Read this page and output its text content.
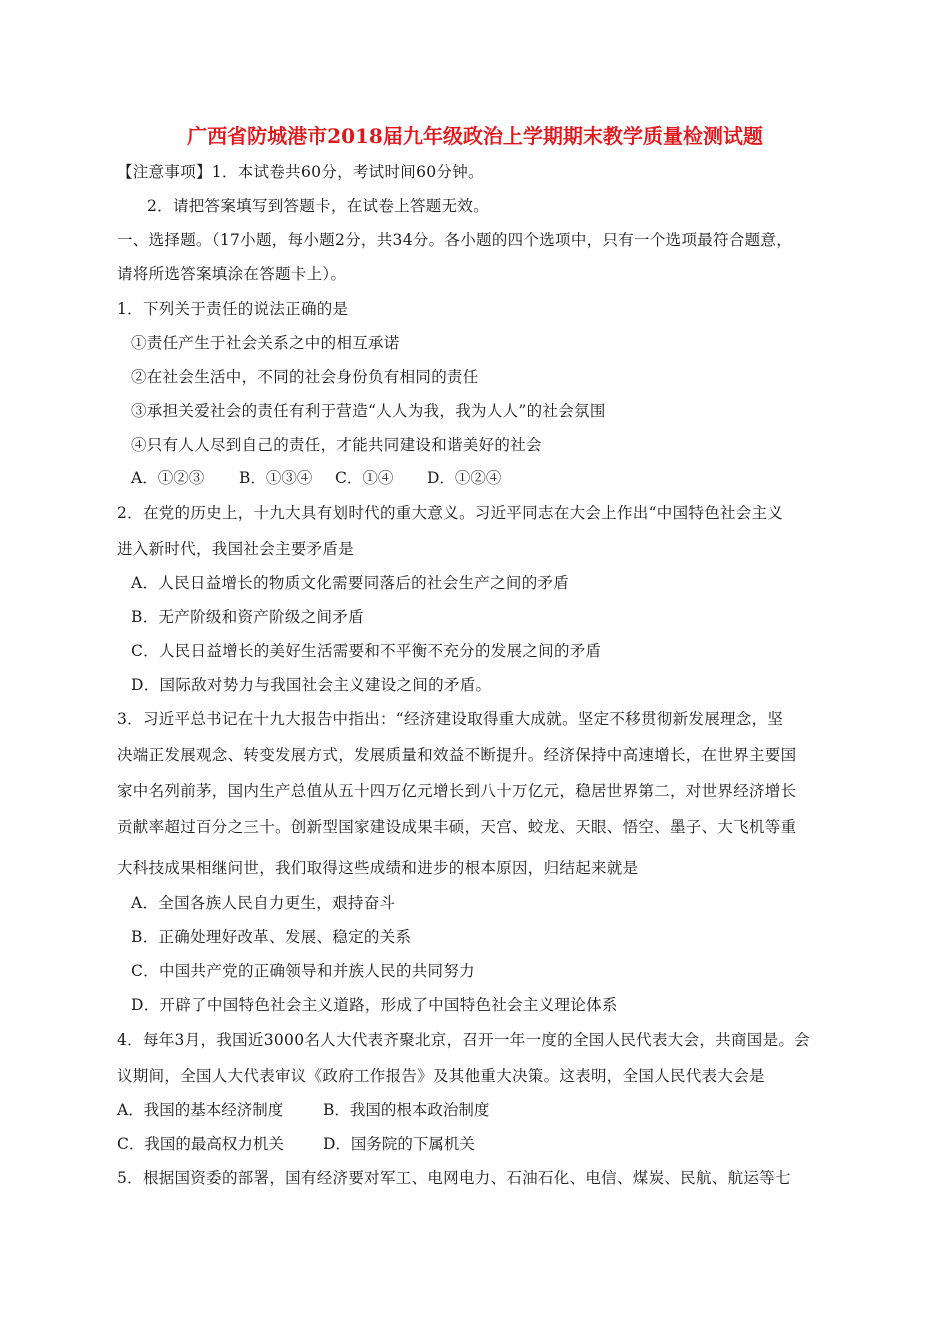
广西省防城港市2018届九年级政治上学期期末教学质量检测试题
【注意事项】1．本试卷共60分，考试时间60分钟。
2．请把答案填写到答题卡，在试卷上答题无效。
一、选择题。（17小题，每小题2分，共34分。各小题的四个选项中，只有一个选项最符合题意，
请将所选答案填涂在答题卡上）。
1．下列关于责任的说法正确的是
①责任产生于社会关系之中的相互承诺
②在社会生活中，不同的社会身份负有相同的责任
③承担关爱社会的责任有利于营造“人人为我，我为人人”的社会氛围
④只有人人尽到自己的责任，才能共同建设和谐美好的社会
A．①②③ B．①③④ C．①④ D．①②④
2．在党的历史上，十九大具有划时代的重大意义。习近平同志在大会上作出“中国特色社会主义
进入新时代，我国社会主要矛盾是
A．人民日益增长的物质文化需要同落后的社会生产之间的矛盾
B．无产阶级和资产阶级之间矛盾
C．人民日益增长的美好生活需要和不平衡不充分的发展之间的矛盾
D．国际敌对势力与我国社会主义建设之间的矛盾。
3．习近平总书记在十九大报告中指出：“经济建设取得重大成就。坚定不移贯彻新发展理念，坚
决端正发展观念、转变发展方式，发展质量和效益不断提升。经济保持中高速增长，在世界主要国
家中名列前茅，国内生产总值从五十四万亿元增长到八十万亿元，稳居世界第二，对世界经济增长
贡献率超过百分之三十。创新型国家建设成果丰硕，天宫、蛟龙、天眼、悟空、墨子、大飞机等重
大科技成果相继问世，我们取得这些成绩和进步的根本原因，归结起来就是
A．全国各族人民自力更生，艰持奋斗
B．正确处理好改革、发展、稳定的关系
C．中国共产党的正确领导和并族人民的共同努力
D．开辟了中国特色社会主义道路，形成了中国特色社会主义理论体系
4．每年3月，我国近3000名人大代表齐聚北京，召开一年一度的全国人民代表大会，共商国是。会
议期间，全国人大代表审议《政府工作报告》及其他重大决策。这表明，全国人民代表大会是
A．我国的基本经济制度	B．我国的根本政治制度
C．我国的最高权力机关	D．国务院的下属机关
5．根据国资委的部署，国有经济要对军工、电网电力、石油石化、电信、煤炭、民航、航运等七
